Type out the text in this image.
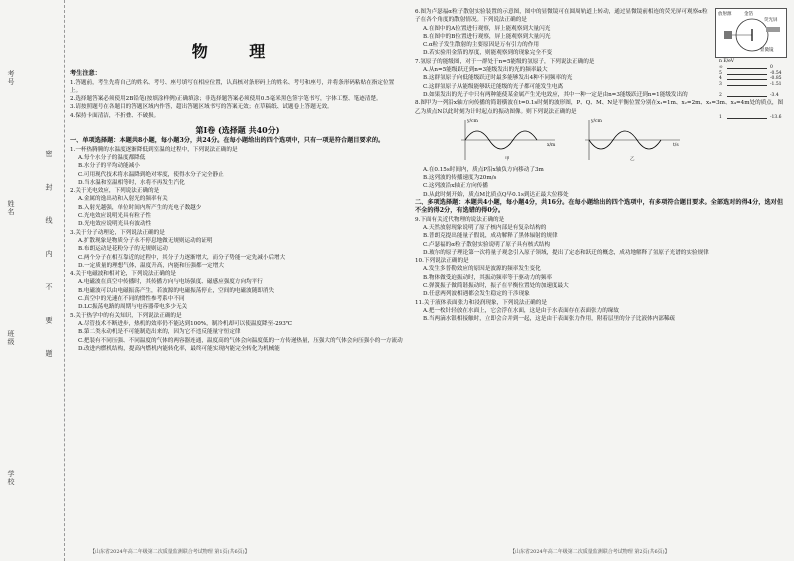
学校
班级
姓名
考号
密 封 线 内 不 要 题
物 理
考生注意：
1.答题前，考生先将自己的姓名、考号、座号填写在相应位置，认真核对条形码上的姓名、考号和座号，并将条形码粘贴在指定位置上。
2.选择题答案必须使用2B铅笔(按填涂样例)正确填涂；非选择题答案必须使用0.5毫米黑色签字笔书写，字体工整、笔迹清楚。
3.请按照题号在各题目的答题区域内作答，超出答题区域书写的答案无效；在草稿纸、试题卷上答题无效。
4.保持卡面清洁，不折叠、不破损。
第Ⅰ卷 (选择题 共40分)
一、单项选择题：本题共8小题，每小题3分，共24分。在每小题给出的四个选项中，只有一项是符合题目要求的。

1.一杯热腾腾的水温度逐渐降低到室温的过程中，下列说法正确的是

A.每个水分子的温度都降低
B.水分子的平均动能减小
C.可用现代技术将水温降到绝对零度，使得水分子完全静止
D.当水温和室温相等时，水将不再发生汽化

2.关于光电效应，下列说法正确的是

A.金属的逸出功和入射光的频率有关
B.入射光越强，单位时间内所产生的光电子数越少
C.光电效应说明光具有粒子性
D.光电效应说明光具有波动性

3.关于分子动理论，下列说法正确的是

A.扩散现象是物质分子永不停息地做无规则运动的证明
B.布朗运动是花粉分子的无规则运动
C.两个分子在相互靠近的过程中，其分子力逐渐增大，而分子势能一定先减小后增大
D.一定质量的理想气体，温度升高，内能和压强都一定增大

4.关于电磁波和相对论，下列说法正确的是

A.电磁波在真空中传播时，其传播方向与电场强度、磁感应强度方向均平行
B.电磁波可以由电磁振荡产生，若波源的电磁振荡停止，空间的电磁波随即消失
C.真空中的光速在不同的惯性参考系中不同
D.LC振荡电路的周期与电容器带电多少无关

5.关于热学中的有关知识，下列说法正确的是

A.尽管技术不断进步，热机的效率仍不能达到100%，制冷机却可以使温度降至-293℃
B.第二类永动机是不可能制造出来的，因为它不违反能量守恒定律
C.把装有不同压强、不同温度的气体的两容器连通，温度高的气体会向温度低的一方传递热量，压强大的气体会向压强小的一方流动
D.改进内燃机结构，提高内燃机内能转化率，最终可能实现内能完全转化为机械能
【山东省2024年高二年级第二次质量监测联合考试物理 第1页(共6页)】

6.图为卢瑟福α粒子散射实验装置的示意图，图中的显微镜可在圆周轨道上转动，通过显微镜前相连的荧光屏可观察α粒子在各个角度的散射情况。下列说法正确的是

A.在图中的A位置进行观察，屏上能观察到大量闪光
B.在图中的B位置进行观察，屏上能观察到大量闪光
C.α粒子发生散射的主要原因是万有引力的作用
D.若实验用金箔的厚度，则能观察到的现象完全不变
放射源	金箔
荧光屏
显微镜

7.氢原子的能级图，对于一群处于n=5能级的氢原子，下列说法正确的是

A.从n=5能级跃迁到n=3能级发出的光的频率最大
B.这群氢原子向低能级跃迁时最多能够发出4种不同频率的光
C.这群氢原子从能级能够跃迁能级的光子都可能发生电离
D.如果发出的光子中只有两种能使某金属产生光电效应，其中一种一定是由n=3能级跃迁到n=1能级发出的
n E/eV
∞	0
5	-0.54
4	-0.85
3	-1.51
2	-3.4
1	-13.6

8.图甲为一列沿x轴方向传播的简谐横波在t=0.1s时刻的波形图，P、Q、M、N是平衡位置分别在x₁=1m、x₂=2m、x₃=3m、x₄=4m处的质点，图乙为质点N以此时刻为计时起点的振动图像。则下列说法正确的是

甲	乙
y/cm
x/m
y/cm
t/s
A.在0.15s时间内，质点P沿x轴负方向移动了3m
B.这列波的传播速度为20m/s
C.这列波沿x轴正方向传播
D.从此时刻开始，质点M比质点Q早0.1s到达正最大位移处
二、多项选择题：本题共4小题，每小题4分，共16分。在每小题给出的四个选项中，有多项符合题目要求。全部选对的得4分，选对但不全的得2分，有选错的得0分。

9.下面有关近代物理的说法正确的是

A.天然放射现象说明了原子核内部是有复杂结构的
B.普朗克提出能量子假说，成功解释了黑体辐射的规律
C.卢瑟福的α粒子散射实验说明了原子具有核式结构
D.玻尔的原子理论第一次将量子观念引入原子领域，提出了定态和跃迁的概念，成功地解释了氢原子光谱的实验规律

10.下列说法正确的是

A.发生多普勒效应的原因是波源的频率发生变化
B.物体做受迫振动时，其振动频率等于驱动力的频率
C.弹簧振子做简谐振动时，振子在平衡位置处的加速度最大
D.任意两列波相遇都会发生稳定的干涉现象

11.关于液体表面张力和浸润现象，下列说法正确的是

A.把一枚针轻放在水面上，它会浮在水面，这是由于水表面存在表面张力的缘故
B.当两滴水银相接触时，立即会合并到一起，这是由于表面张力作用，附着层里的分子比液体内部稀疏
【山东省2024年高二年级第二次质量监测联合考试物理 第2页(共6页)】
